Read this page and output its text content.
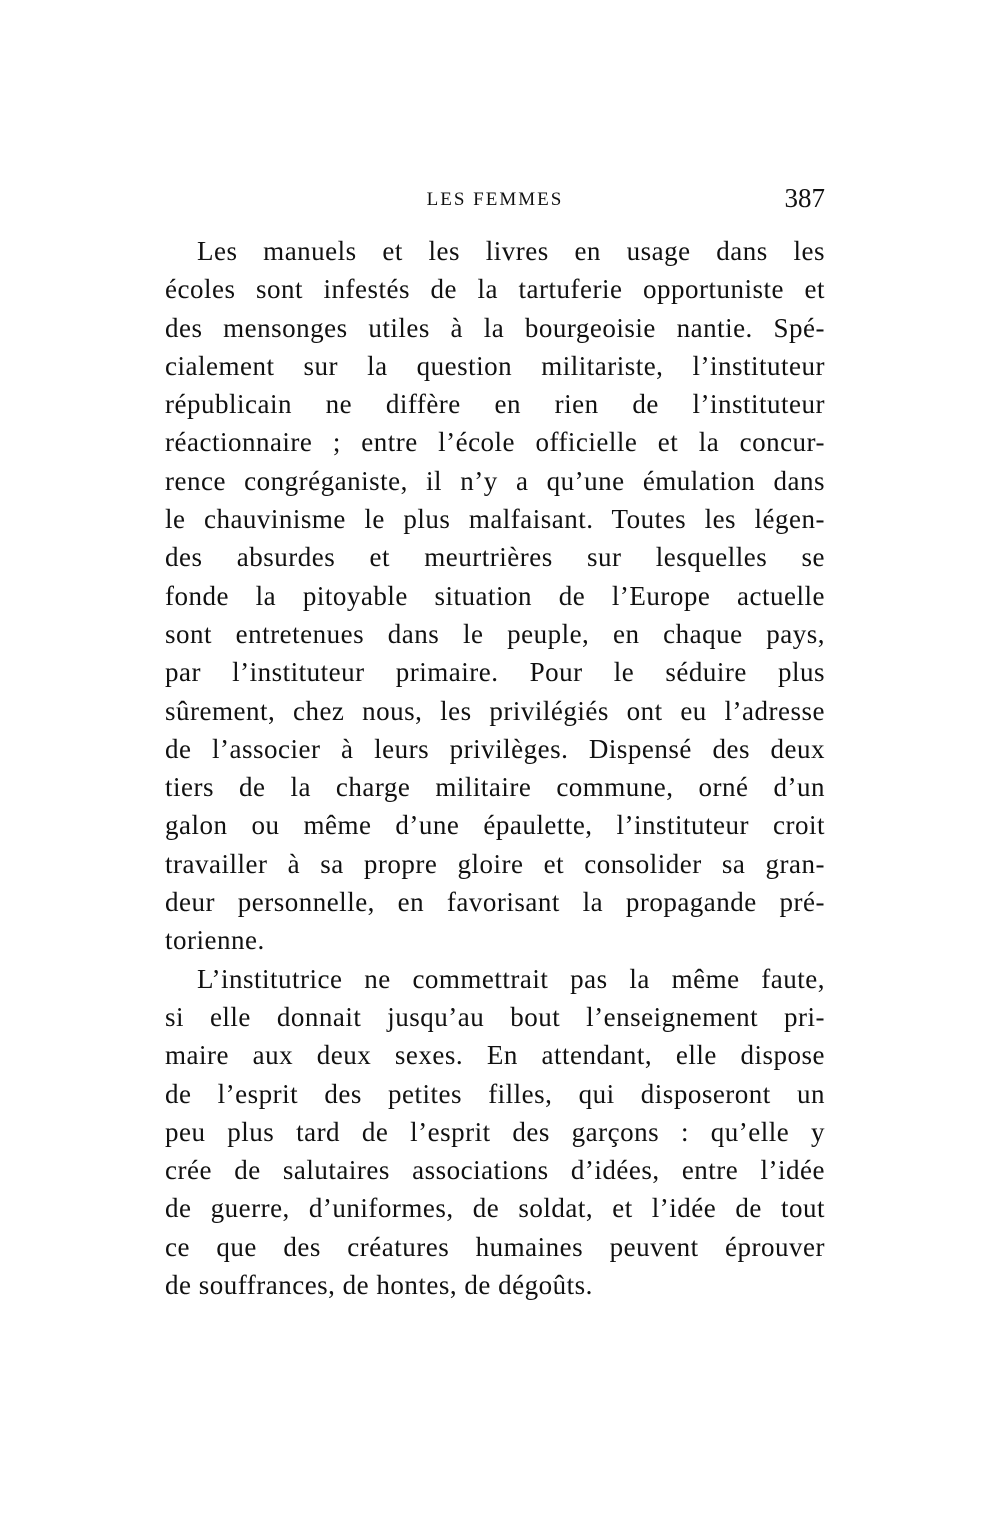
LES FEMMES	387
Les manuels et les livres en usage dans les
écoles sont infestés de la tartuferie opportuniste et
des mensonges utiles à la bourgeoisie nantie. Spé-
cialement sur la question militariste, l’instituteur
républicain ne diffère en rien de l’instituteur
réactionnaire ; entre l’école officielle et la concur-
rence congréganiste, il n’y a qu’une émulation dans
le chauvinisme le plus malfaisant. Toutes les légen-
des absurdes et meurtrières sur lesquelles se
fonde la pitoyable situation de l’Europe actuelle
sont entretenues dans le peuple, en chaque pays,
par l’instituteur primaire. Pour le séduire plus
sûrement, chez nous, les privilégiés ont eu l’adresse
de l’associer à leurs privilèges. Dispensé des deux
tiers de la charge militaire commune, orné d’un
galon ou même d’une épaulette, l’instituteur croit
travailler à sa propre gloire et consolider sa gran-
deur personnelle, en favorisant la propagande pré-
torienne.
L’institutrice ne commettrait pas la même faute,
si elle donnait jusqu’au bout l’enseignement pri-
maire aux deux sexes. En attendant, elle dispose
de l’esprit des petites filles, qui disposeront un
peu plus tard de l’esprit des garçons : qu’elle y
crée de salutaires associations d’idées, entre l’idée
de guerre, d’uniformes, de soldat, et l’idée de tout
ce que des créatures humaines peuvent éprouver
de souffrances, de hontes, de dégoûts.
